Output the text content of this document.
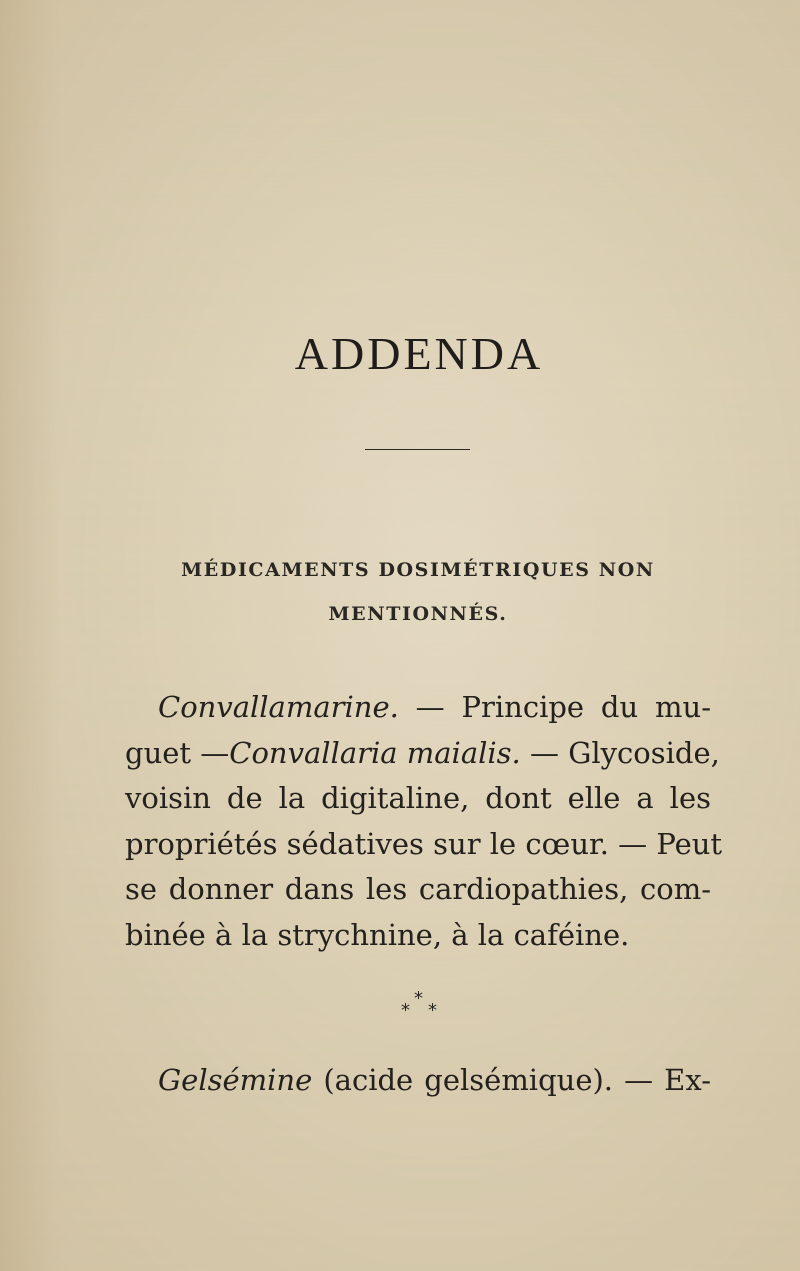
ADDENDA
MÉDICAMENTS DOSIMÉTRIQUES NON
MENTIONNÉS.

Convallamarine. — Principe du mu-
guet —Convallaria maialis. — Glycoside,
voisin de la digitaline, dont elle a les
propriétés sédatives sur le cœur. — Peut
se donner dans les cardiopathies, com-
binée à la strychnine, à la caféine.

*
* *

Gelsémine (acide gelsémique). — Ex-
